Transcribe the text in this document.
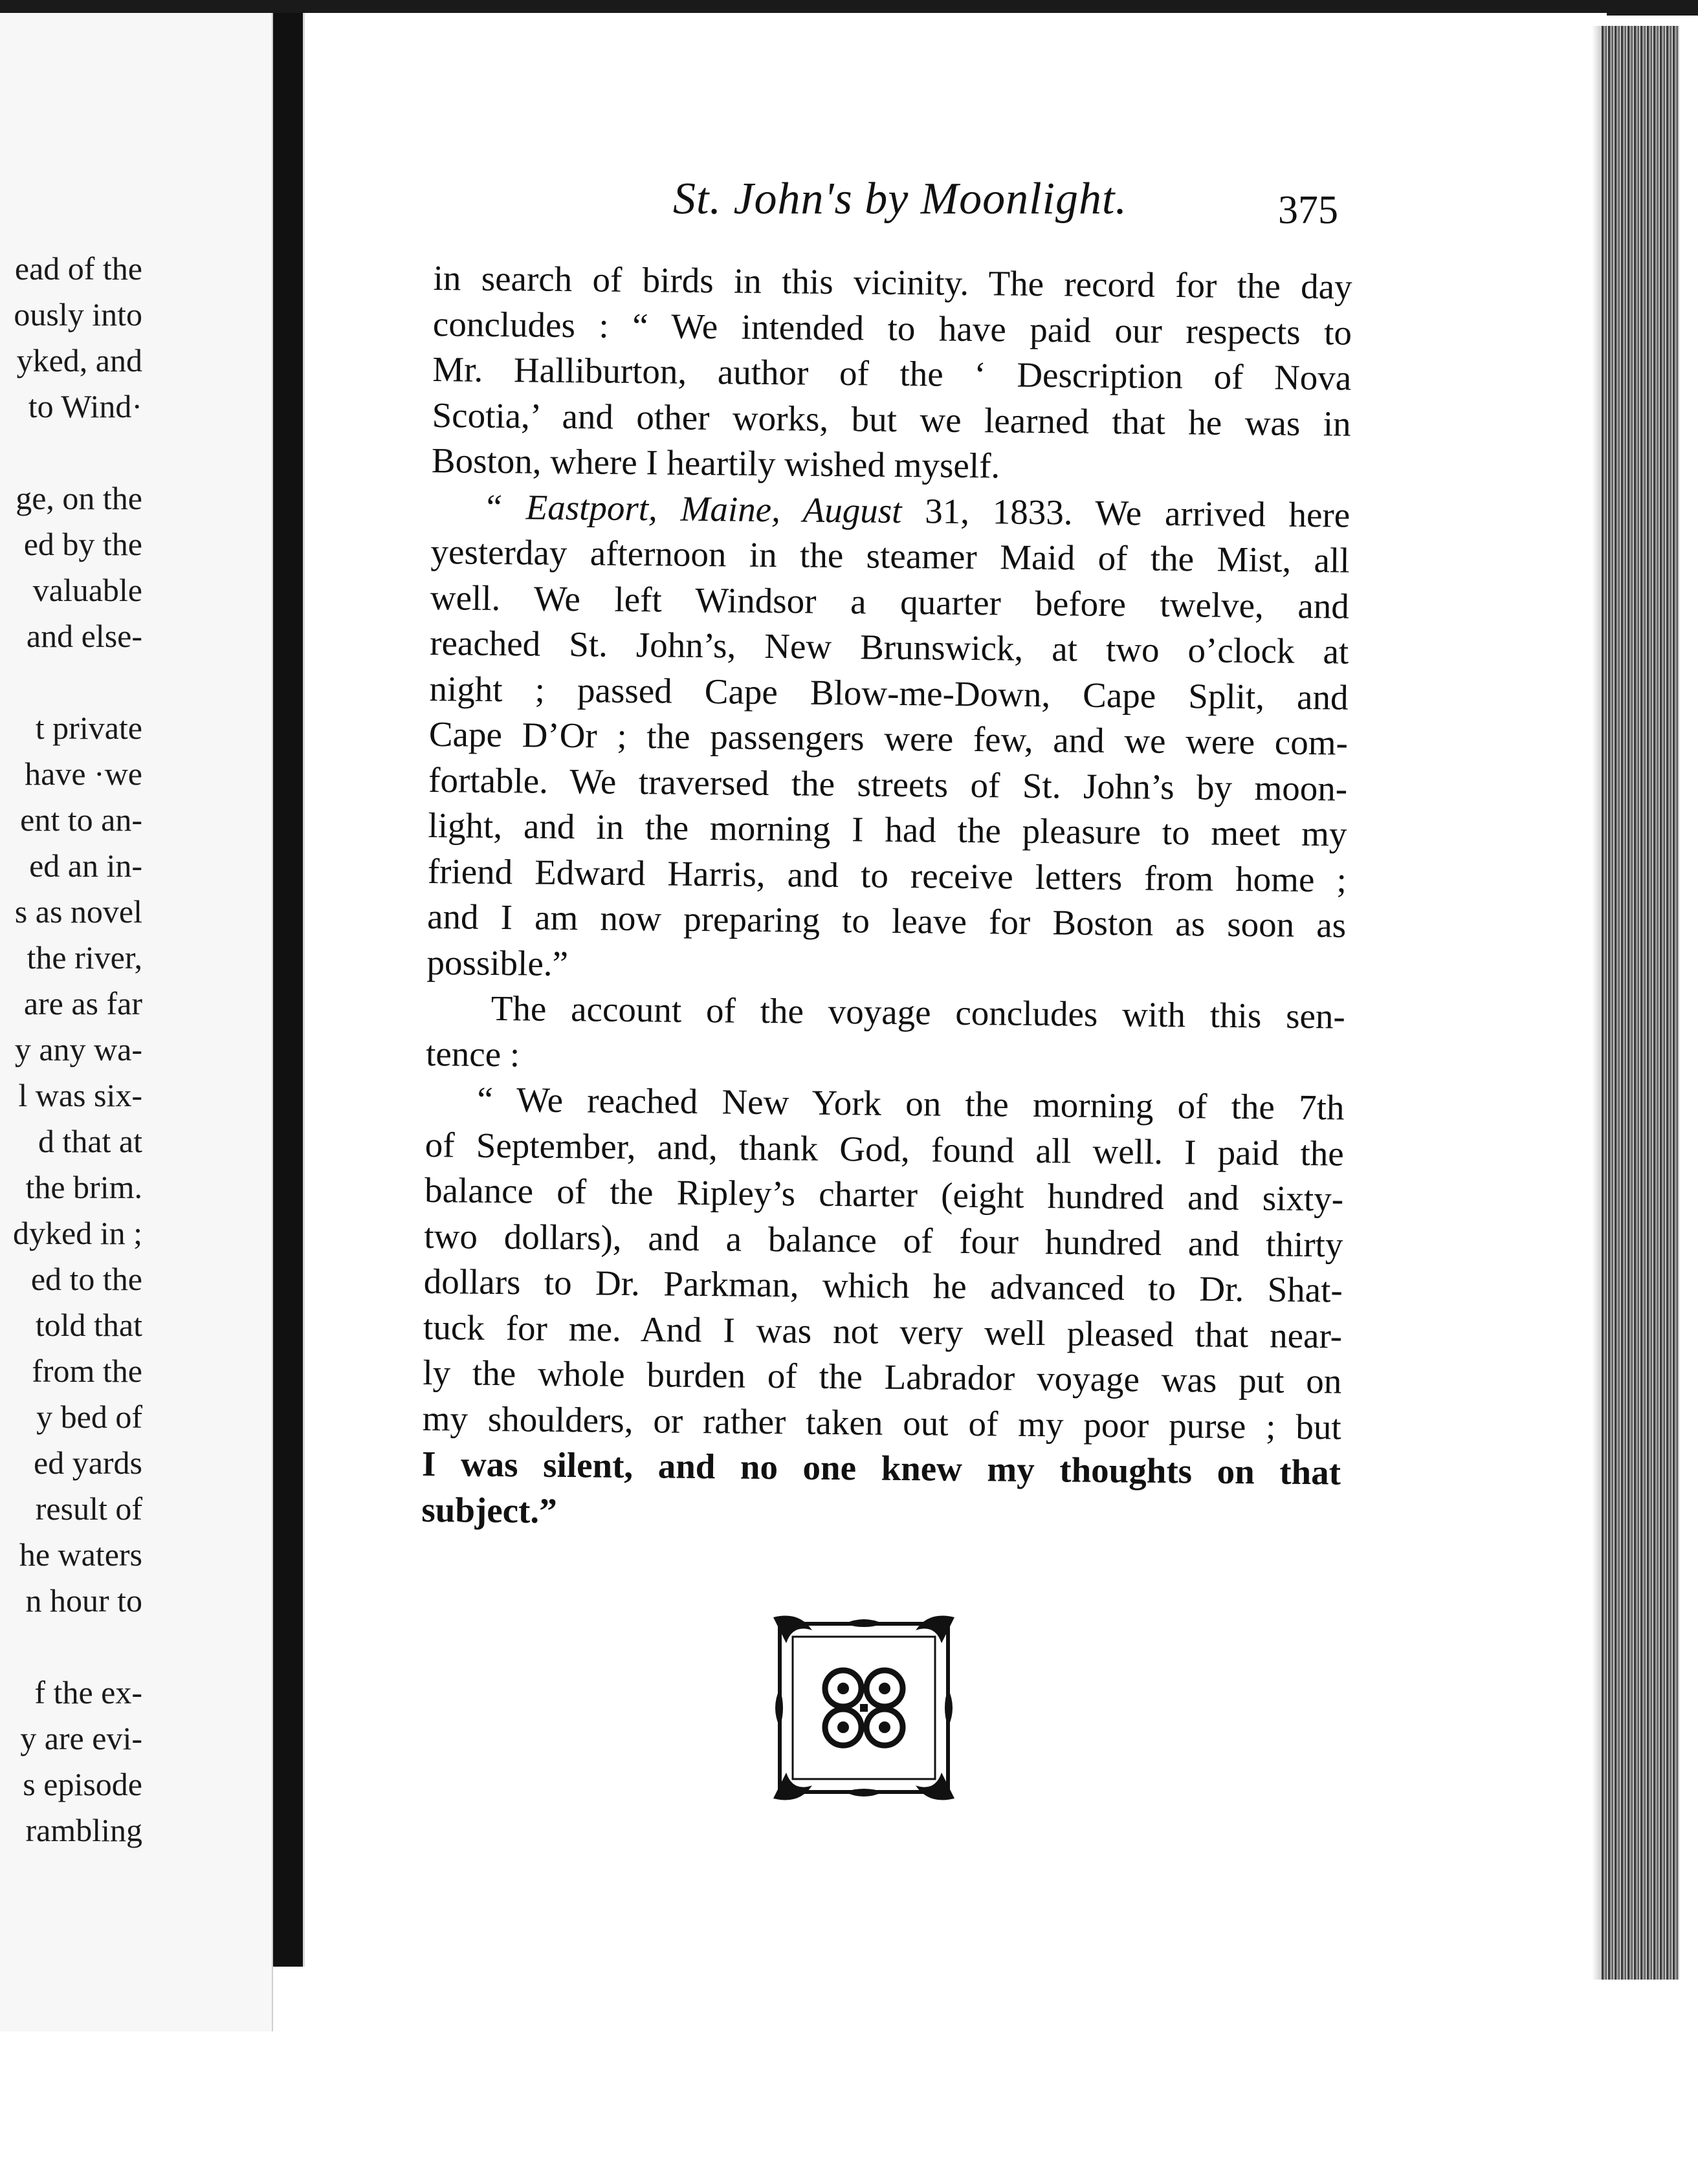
ead of the
ously into
yked, and
to Wind·
ge, on the
ed by the
valuable
and else-
t private
have ·we
ent to an-
ed an in-
s as novel
the river,
are as far
y any wa-
l was six-
d that at
the brim.
dyked in ;
ed to the
told that
from the
y bed of
ed yards
result of
he waters
n hour to
f the ex-
y are evi-
s episode
rambling
St. John's by Moonlight.	375

in search of birds in this vicinity. The record for the day
concludes : “ We intended to have paid our respects to
Mr. Halliburton, author of the ‘ Description of Nova
Scotia,’ and other works, but we learned that he was in
Boston, where I heartily wished myself.

“ Eastport, Maine, August 31, 1833. We arrived here
yesterday afternoon in the steamer Maid of the Mist, all
well. We left Windsor a quarter before twelve, and
reached St. John’s, New Brunswick, at two o’clock at
night ; passed Cape Blow-me-Down, Cape Split, and
Cape D’Or ; the passengers were few, and we were com-
fortable. We traversed the streets of St. John’s by moon-
light, and in the morning I had the pleasure to meet my
friend Edward Harris, and to receive letters from home ;
and I am now preparing to leave for Boston as soon as
possible.”

The account of the voyage concludes with this sen-
tence :

“ We reached New York on the morning of the 7th
of September, and, thank God, found all well. I paid the
balance of the Ripley’s charter (eight hundred and sixty-
two dollars), and a balance of four hundred and thirty
dollars to Dr. Parkman, which he advanced to Dr. Shat-
tuck for me. And I was not very well pleased that near-
ly the whole burden of the Labrador voyage was put on
my shoulders, or rather taken out of my poor purse ; but
I was silent, and no one knew my thoughts on that
subject.”
